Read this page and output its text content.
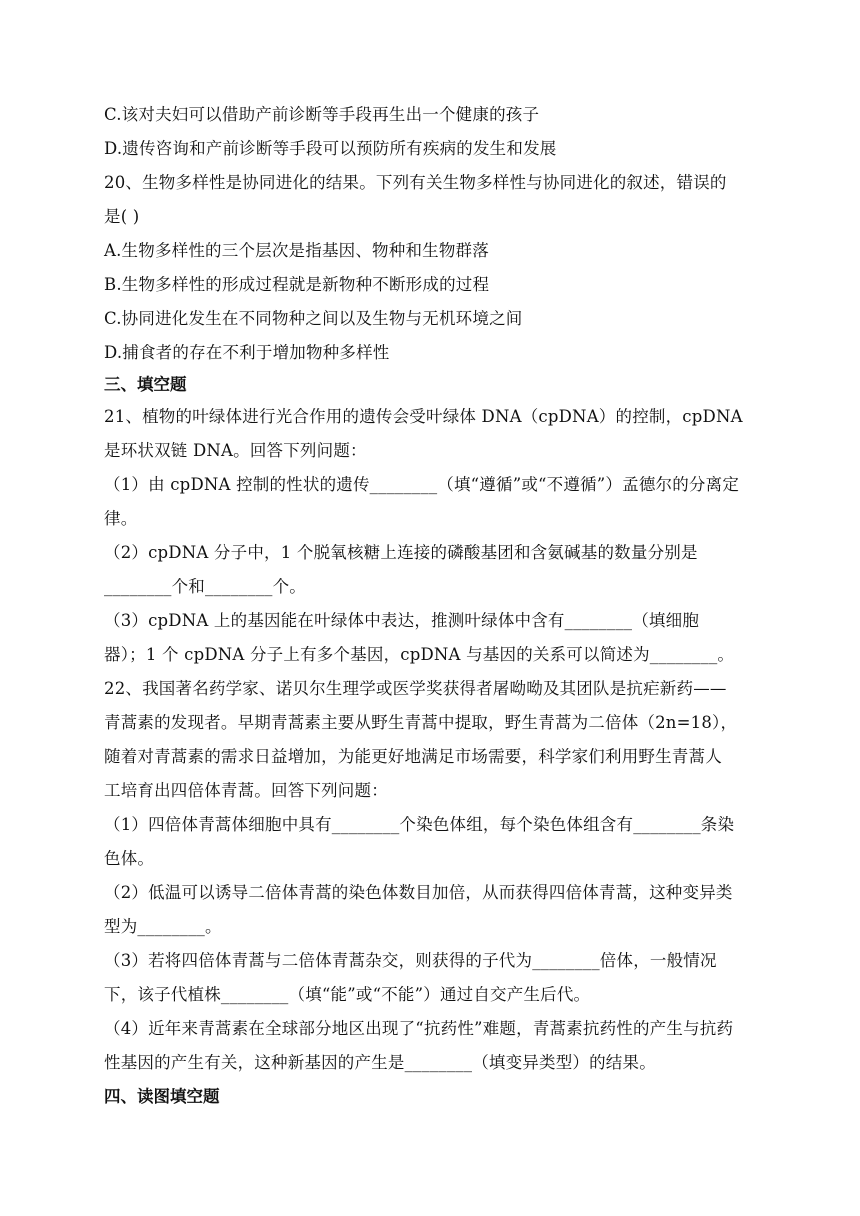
C.该对夫妇可以借助产前诊断等手段再生出一个健康的孩子
D.遗传咨询和产前诊断等手段可以预防所有疾病的发生和发展
20、生物多样性是协同进化的结果。下列有关生物多样性与协同进化的叙述，错误的
是( )
A.生物多样性的三个层次是指基因、物种和生物群落
B.生物多样性的形成过程就是新物种不断形成的过程
C.协同进化发生在不同物种之间以及生物与无机环境之间
D.捕食者的存在不利于增加物种多样性
三、填空题
21、植物的叶绿体进行光合作用的遗传会受叶绿体 DNA（cpDNA）的控制，cpDNA
是环状双链 DNA。回答下列问题：
（1）由 cpDNA 控制的性状的遗传________（填“遵循”或“不遵循”）孟德尔的分离定
律。
（2）cpDNA 分子中，1 个脱氧核糖上连接的磷酸基团和含氨碱基的数量分别是
________个和________个。
（3）cpDNA 上的基因能在叶绿体中表达，推测叶绿体中含有________（填细胞
器）；1 个 cpDNA 分子上有多个基因，cpDNA 与基因的关系可以简述为________。
22、我国著名药学家、诺贝尔生理学或医学奖获得者屠呦呦及其团队是抗疟新药——
青蒿素的发现者。早期青蒿素主要从野生青蒿中提取，野生青蒿为二倍体（2n=18），
随着对青蒿素的需求日益增加，为能更好地满足市场需要，科学家们利用野生青蒿人
工培育出四倍体青蒿。回答下列问题：
（1）四倍体青蒿体细胞中具有________个染色体组，每个染色体组含有________条染
色体。
（2）低温可以诱导二倍体青蒿的染色体数目加倍，从而获得四倍体青蒿，这种变异类
型为________。
（3）若将四倍体青蒿与二倍体青蒿杂交，则获得的子代为________倍体，一般情况
下，该子代植株________（填“能”或“不能”）通过自交产生后代。
（4）近年来青蒿素在全球部分地区出现了“抗药性”难题，青蒿素抗药性的产生与抗药
性基因的产生有关，这种新基因的产生是________（填变异类型）的结果。
四、读图填空题
